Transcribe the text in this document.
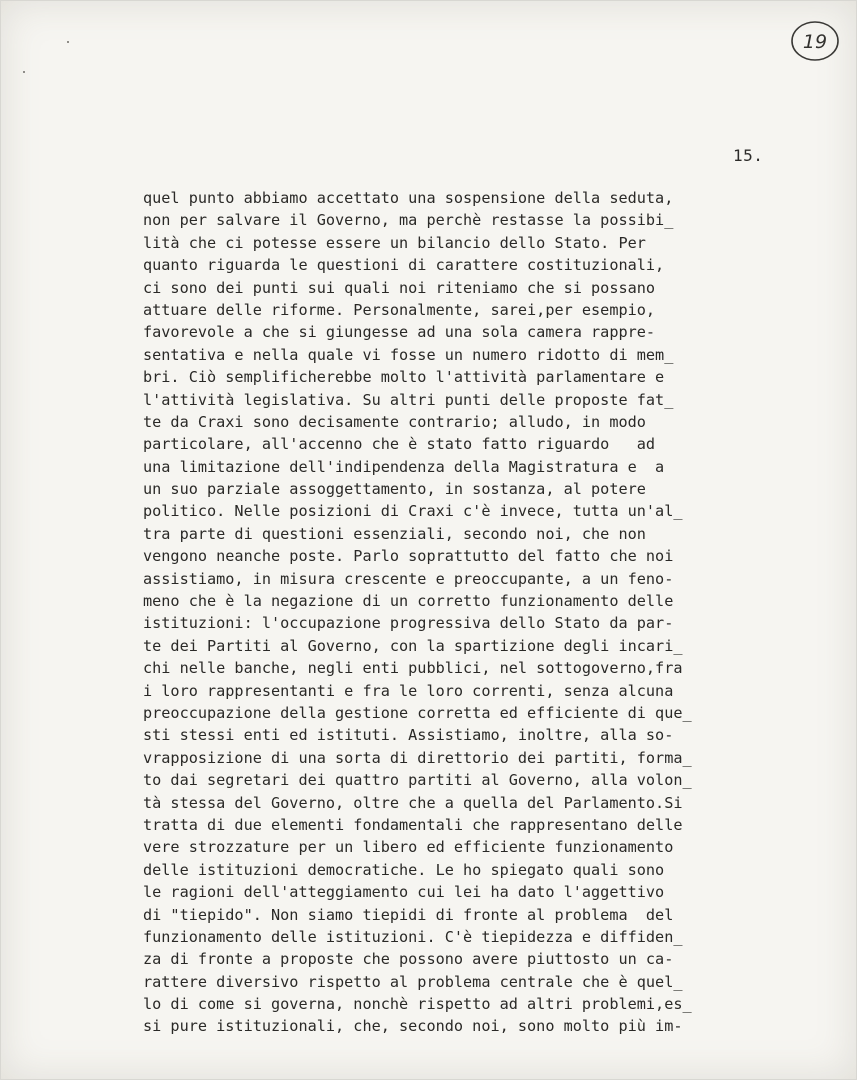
19

15.

quel punto abbiamo accettato una sospensione della seduta,
non per salvare il Governo, ma perchè restasse la possibi̲
lità che ci potesse essere un bilancio dello Stato. Per
quanto riguarda le questioni di carattere costituzionali,
ci sono dei punti sui quali noi riteniamo che si possano
attuare delle riforme. Personalmente, sarei,per esempio,
favorevole a che si giungesse ad una sola camera rappre-
sentativa e nella quale vi fosse un numero ridotto di mem̲
bri. Ciò semplificherebbe molto l'attività parlamentare e
l'attività legislativa. Su altri punti delle proposte fat̲
te da Craxi sono decisamente contrario; alludo, in modo
particolare, all'accenno che è stato fatto riguardo   ad
una limitazione dell'indipendenza della Magistratura e  a
un suo parziale assoggettamento, in sostanza, al potere
politico. Nelle posizioni di Craxi c'è invece, tutta un'al̲
tra parte di questioni essenziali, secondo noi, che non
vengono neanche poste. Parlo soprattutto del fatto che noi
assistiamo, in misura crescente e preoccupante, a un feno-
meno che è la negazione di un corretto funzionamento delle
istituzioni: l'occupazione progressiva dello Stato da par-
te dei Partiti al Governo, con la spartizione degli incari̲
chi nelle banche, negli enti pubblici, nel sottogoverno,fra
i loro rappresentanti e fra le loro correnti, senza alcuna
preoccupazione della gestione corretta ed efficiente di que̲
sti stessi enti ed istituti. Assistiamo, inoltre, alla so-
vrapposizione di una sorta di direttorio dei partiti, forma̲
to dai segretari dei quattro partiti al Governo, alla volon̲
tà stessa del Governo, oltre che a quella del Parlamento.Si
tratta di due elementi fondamentali che rappresentano delle
vere strozzature per un libero ed efficiente funzionamento
delle istituzioni democratiche. Le ho spiegato quali sono
le ragioni dell'atteggiamento cui lei ha dato l'aggettivo
di "tiepido". Non siamo tiepidi di fronte al problema  del
funzionamento delle istituzioni. C'è tiepidezza e diffiden̲
za di fronte a proposte che possono avere piuttosto un ca-
rattere diversivo rispetto al problema centrale che è quel̲
lo di come si governa, nonchè rispetto ad altri problemi,es̲
si pure istituzionali, che, secondo noi, sono molto più im-
